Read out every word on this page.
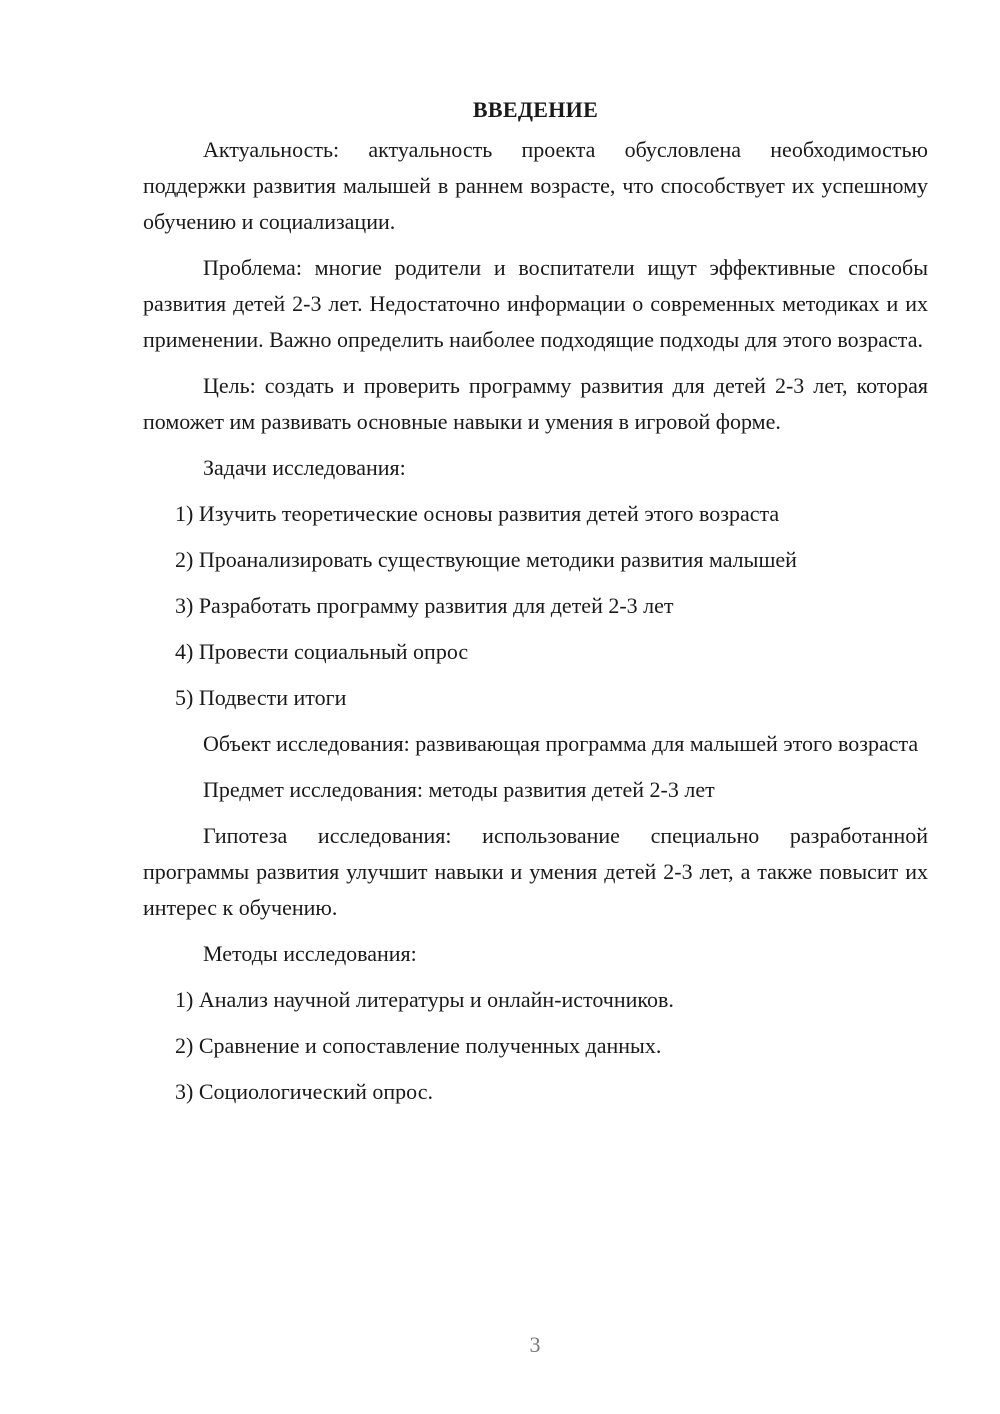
ВВЕДЕНИЕ

Актуальность: актуальность проекта обусловлена необходимостью поддержки развития малышей в раннем возрасте, что способствует их успешному обучению и социализации.

Проблема: многие родители и воспитатели ищут эффективные способы развития детей 2-3 лет. Недостаточно информации о современных методиках и их применении. Важно определить наиболее подходящие подходы для этого возраста.

Цель: создать и проверить программу развития для детей 2-3 лет, которая поможет им развивать основные навыки и умения в игровой форме.

Задачи исследования:

1) Изучить теоретические основы развития детей этого возраста
2) Проанализировать существующие методики развития малышей
3) Разработать программу развития для детей 2-3 лет
4) Провести социальный опрос
5) Подвести итоги

Объект исследования: развивающая программа для малышей этого возраста

Предмет исследования: методы развития детей 2-3 лет

Гипотеза исследования: использование специально разработанной программы развития улучшит навыки и умения детей 2-3 лет, а также повысит их интерес к обучению.

Методы исследования:

1) Анализ научной литературы и онлайн-источников.
2) Сравнение и сопоставление полученных данных.
3) Социологический опрос.
3
